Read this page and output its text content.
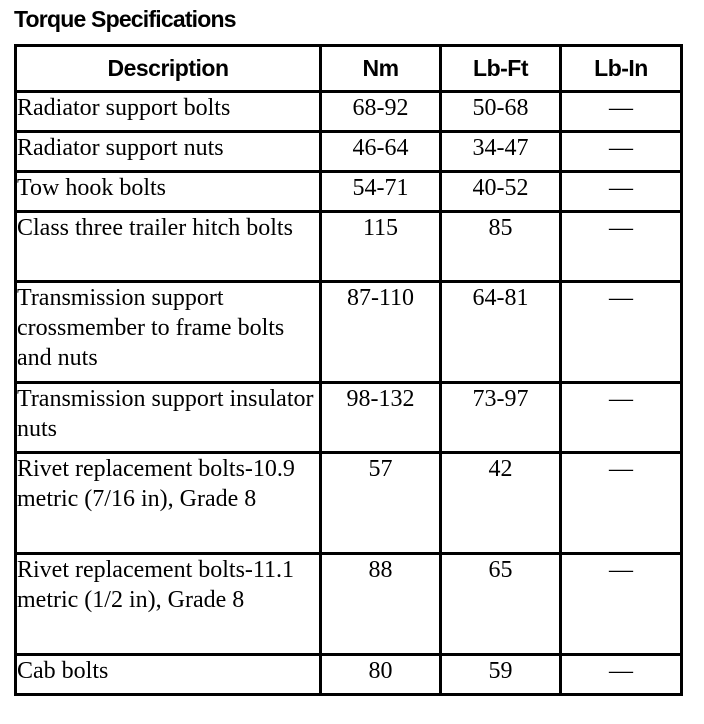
Torque Specifications
Description	Nm	Lb-Ft	Lb-In
Radiator support bolts	68-92	50-68	—
Radiator support nuts	46-64	34-47	—
Tow hook bolts	54-71	40-52	—
Class three trailer hitch bolts	115	85	—
Transmission support crossmember to frame bolts and nuts	87-110	64-81	—
Transmission support insulator nuts	98-132	73-97	—
Rivet replacement bolts-10.9 metric (7/16 in), Grade 8	57	42	—
Rivet replacement bolts-11.1 metric (1/2 in), Grade 8	88	65	—
Cab bolts	80	59	—
